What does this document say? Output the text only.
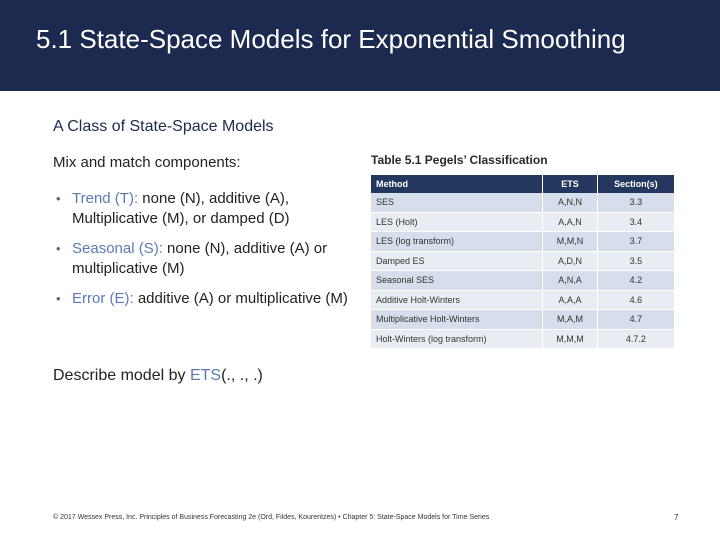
5.1 State-Space Models for Exponential Smoothing
A Class of State-Space Models
Mix and match components:
• Trend (T): none (N), additive (A), Multiplicative (M), or damped (D)
• Seasonal (S): none (N), additive (A) or multiplicative (M)
• Error (E): additive (A) or multiplicative (M)
Describe model by ETS(., ., .)
Table 5.1 Pegels’ Classification
Method	ETS	Section(s)
SES	A,N,N	3.3
LES (Holt)	A,A,N	3.4
LES (log transform)	M,M,N	3.7
Damped ES	A,D,N	3.5
Seasonal SES	A,N,A	4.2
Additive Holt-Winters	A,A,A	4.6
Multiplicative Holt-Winters	M,A,M	4.7
Holt-Winters (log transform)	M,M,M	4.7.2
© 2017 Wessex Press, Inc. Principles of Business Forecasting 2e (Ord, Fildes, Kourentzes) • Chapter 5: State-Space Models for Time Series	7
